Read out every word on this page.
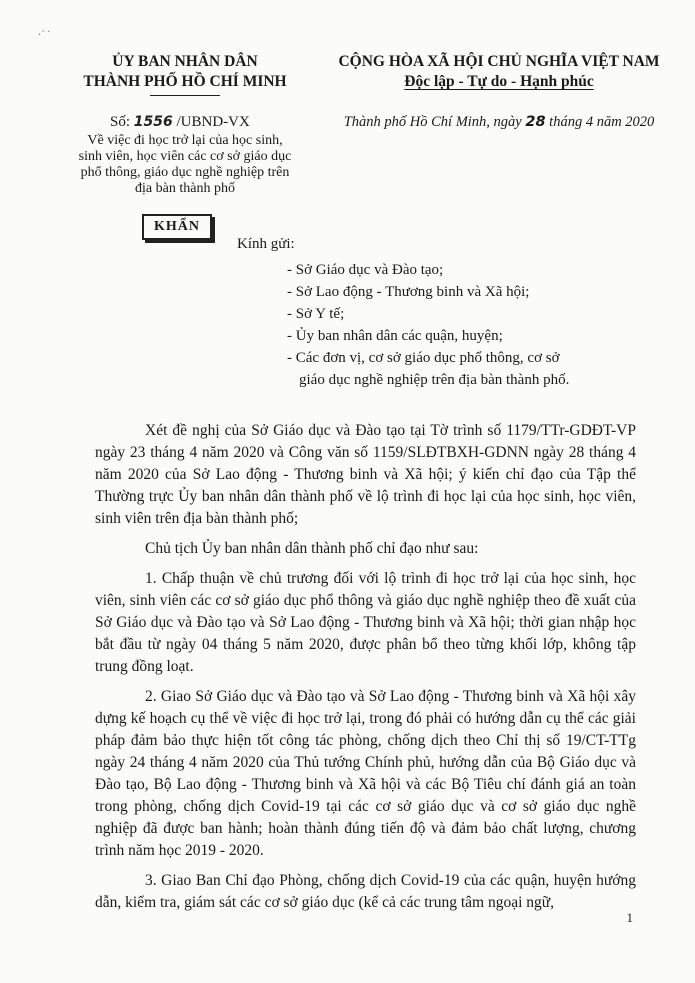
·´ ˙
ỦY BAN NHÂN DÂN
THÀNH PHỐ HỒ CHÍ MINH
CỘNG HÒA XÃ HỘI CHỦ NGHĨA VIỆT NAM
Độc lập - Tự do - Hạnh phúc
Số: 1556 /UBND-VX
Về việc đi học trở lại của học sinh,
sinh viên, học viên các cơ sở giáo dục
phổ thông, giáo dục nghề nghiệp trên
địa bàn thành phố
Thành phố Hồ Chí Minh, ngày 28 tháng 4 năm 2020
KHẨN
Kính gửi:
- Sở Giáo dục và Đào tạo;
- Sở Lao động - Thương binh và Xã hội;
- Sở Y tế;
- Ủy ban nhân dân các quận, huyện;
- Các đơn vị, cơ sở giáo dục phổ thông, cơ sở
giáo dục nghề nghiệp trên địa bàn thành phố.

Xét đề nghị của Sở Giáo dục và Đào tạo tại Tờ trình số 1179/TTr-GDĐT-VP ngày 23 tháng 4 năm 2020 và Công văn số 1159/SLĐTBXH-GDNN ngày 28 tháng 4 năm 2020 của Sở Lao động - Thương binh và Xã hội; ý kiến chỉ đạo của Tập thể Thường trực Ủy ban nhân dân thành phố về lộ trình đi học lại của học sinh, học viên, sinh viên trên địa bàn thành phố;

Chủ tịch Ủy ban nhân dân thành phố chỉ đạo như sau:

1. Chấp thuận về chủ trương đối với lộ trình đi học trở lại của học sinh, học viên, sinh viên các cơ sở giáo dục phổ thông và giáo dục nghề nghiệp theo đề xuất của Sở Giáo dục và Đào tạo và Sở Lao động - Thương binh và Xã hội; thời gian nhập học bắt đầu từ ngày 04 tháng 5 năm 2020, được phân bổ theo từng khối lớp, không tập trung đồng loạt.

2. Giao Sở Giáo dục và Đào tạo và Sở Lao động - Thương binh và Xã hội xây dựng kế hoạch cụ thể về việc đi học trở lại, trong đó phải có hướng dẫn cụ thể các giải pháp đảm bảo thực hiện tốt công tác phòng, chống dịch theo Chỉ thị số 19/CT-TTg ngày 24 tháng 4 năm 2020 của Thủ tướng Chính phủ, hướng dẫn của Bộ Giáo dục và Đào tạo, Bộ Lao động - Thương binh và Xã hội và các Bộ Tiêu chí đánh giá an toàn trong phòng, chống dịch Covid-19 tại các cơ sở giáo dục và cơ sở giáo dục nghề nghiệp đã được ban hành; hoàn thành đúng tiến độ và đảm bảo chất lượng, chương trình năm học 2019 - 2020.

3. Giao Ban Chỉ đạo Phòng, chống dịch Covid-19 của các quận, huyện hướng dẫn, kiểm tra, giám sát các cơ sở giáo dục (kể cả các trung tâm ngoại ngữ,

1
